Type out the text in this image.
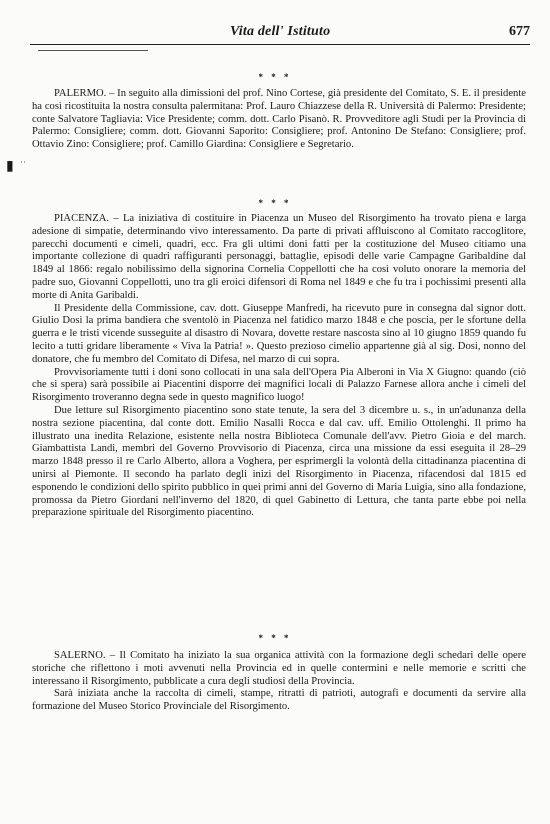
Vita dell' Istituto	677
▮ ˙˙
* * *

PALERMO. – In seguito alla dimissioni del prof. Nino Cortese, già presidente del Comitato, S. E. il presidente ha così ricostituita la nostra consulta palermitana: Prof. Lauro Chiazzese della R. Università di Palermo: Presidente; conte Salvatore Tagliavia: Vice Presidente; comm. dott. Carlo Pisanò. R. Provveditore agli Studi per la Provincia di Palermo: Consigliere; comm. dott. Giovanni Saporito: Consigliere; prof. Antonino De Stefano: Consigliere; prof. Ottavio Zino: Consigliere; prof. Camillo Giardina: Consigliere e Segretario.

* * *

PIACENZA. – La iniziativa di costituire in Piacenza un Museo del Risorgimento ha trovato piena e larga adesione di simpatie, determinando vivo interessamento. Da parte di privati affluiscono al Comitato raccoglitore, parecchi documenti e cimeli, quadri, ecc. Fra gli ultimi doni fatti per la costituzione del Museo citiamo una importante collezione di quadri raffiguranti personaggi, battaglie, episodi delle varie Campagne Garibaldine dal 1849 al 1866: regalo nobilissimo della signorina Cornelia Coppellotti che ha così voluto onorare la memoria del padre suo, Giovanni Coppellotti, uno tra gli eroici difensori di Roma nel 1849 e che fu tra i pochissimi presenti alla morte di Anita Garibaldi.

Il Presidente della Commissione, cav. dott. Giuseppe Manfredi, ha ricevuto pure in consegna dal signor dott. Giulio Dosi la prima bandiera che sventolò in Piacenza nel fatidico marzo 1848 e che poscia, per le sfortune della guerra e le tristi vicende susseguite al disastro di Novara, dovette restare nascosta sino al 10 giugno 1859 quando fu lecito a tutti gridare liberamente « Viva la Patria! ». Questo prezioso cimelio appartenne già al sig. Dosi, nonno del donatore, che fu membro del Comitato di Difesa, nel marzo di cui sopra.

Provvisoriamente tutti i doni sono collocati in una sala dell'Opera Pia Alberoni in Via X Giugno: quando (ciò che si spera) sarà possibile ai Piacentini disporre dei magnifici locali di Palazzo Farnese allora anche i cimeli del Risorgimento troveranno degna sede in questo magnifico luogo!

Due letture sul Risorgimento piacentino sono state tenute, la sera del 3 dicembre u. s., in un'adunanza della nostra sezione piacentina, dal conte dott. Emilio Nasalli Rocca e dal cav. uff. Emilio Ottolenghi. Il primo ha illustrato una inedita Relazione, esistente nella nostra Biblioteca Comunale dell'avv. Pietro Gioia e del march. Giambattista Landi, membri del Governo Provvisorio di Piacenza, circa una missione da essi eseguita il 28–29 marzo 1848 presso il re Carlo Alberto, allora a Voghera, per esprimergli la volontà della cittadinanza piacentina di unirsi al Piemonte. Il secondo ha parlato degli inizi del Risorgimento in Piacenza, rifacendosi dal 1815 ed esponendo le condizioni dello spirito pubblico in quei primi anni del Governo di Maria Luigia, sino alla fondazione, promossa da Pietro Giordani nell'inverno del 1820, di quel Gabinetto di Lettura, che tanta parte ebbe poi nella preparazione spirituale del Risorgimento piacentino.

* * *

SALERNO. – Il Comitato ha iniziato la sua organica attività con la formazione degli schedari delle opere storiche che riflettono i moti avvenuti nella Provincia ed in quelle contermini e nelle memorie e scritti che interessano il Risorgimento, pubblicate a cura degli studiosi della Provincia.

Sarà iniziata anche la raccolta di cimeli, stampe, ritratti di patrioti, autografi e documenti da servire alla formazione del Museo Storico Provinciale del Risorgimento.
